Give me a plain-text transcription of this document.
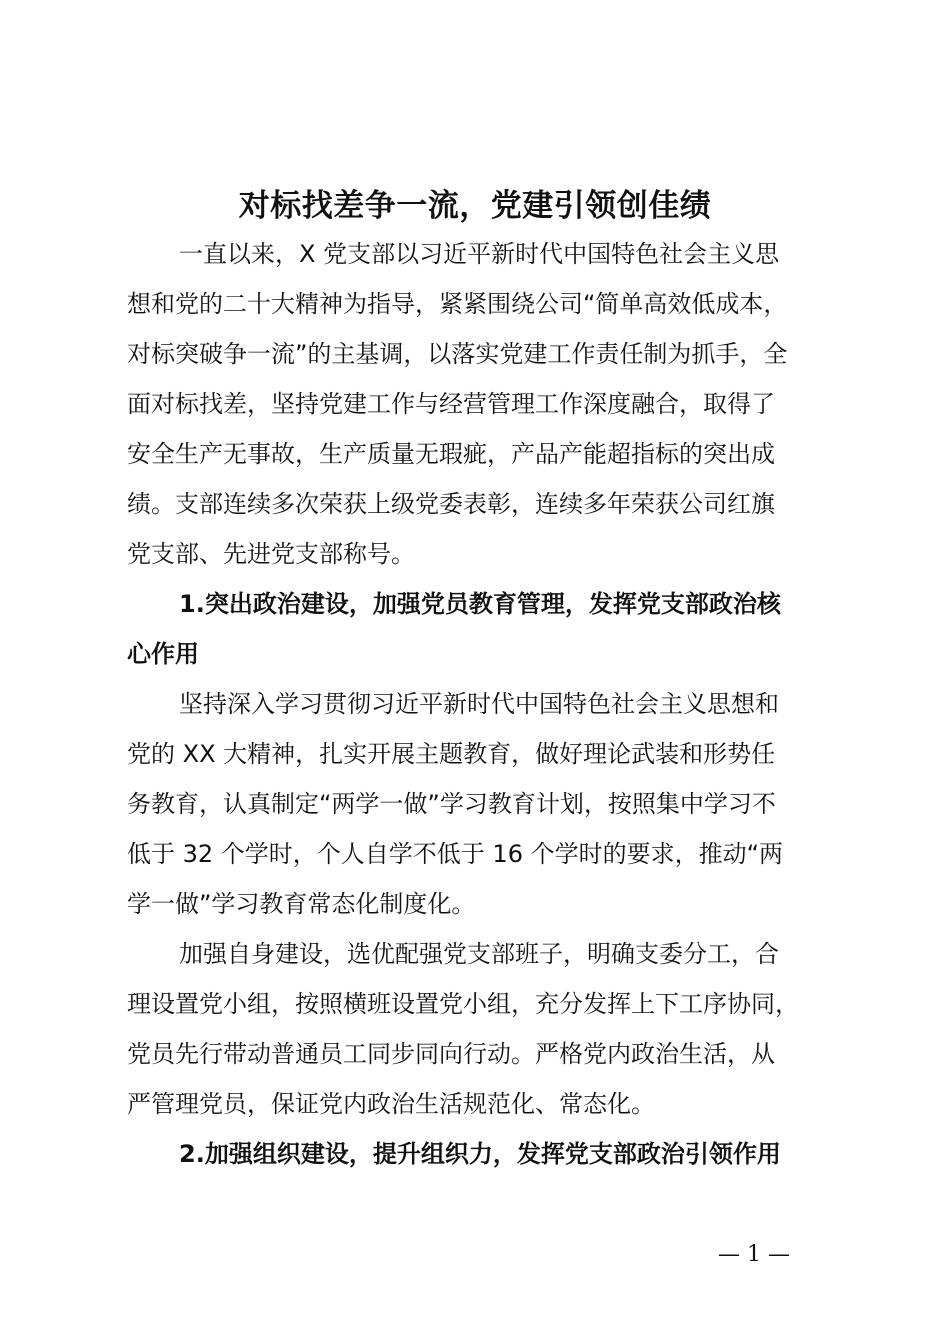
对标找差争一流，党建引领创佳绩
一直以来，X 党支部以习近平新时代中国特色社会主义思
想和党的二十大精神为指导，紧紧围绕公司“简单高效低成本，
对标突破争一流”的主基调，以落实党建工作责任制为抓手，全
面对标找差，坚持党建工作与经营管理工作深度融合，取得了
安全生产无事故，生产质量无瑕疵，产品产能超指标的突出成
绩。支部连续多次荣获上级党委表彰，连续多年荣获公司红旗
党支部、先进党支部称号。
1.突出政治建设，加强党员教育管理，发挥党支部政治核
心作用
坚持深入学习贯彻习近平新时代中国特色社会主义思想和
党的 XX 大精神，扎实开展主题教育，做好理论武装和形势任
务教育，认真制定“两学一做”学习教育计划，按照集中学习不
低于 32 个学时，个人自学不低于 16 个学时的要求，推动“两
学一做”学习教育常态化制度化。
加强自身建设，选优配强党支部班子，明确支委分工，合
理设置党小组，按照横班设置党小组，充分发挥上下工序协同，
党员先行带动普通员工同步同向行动。严格党内政治生活，从
严管理党员，保证党内政治生活规范化、常态化。
2.加强组织建设，提升组织力，发挥党支部政治引领作用
— 1 —
